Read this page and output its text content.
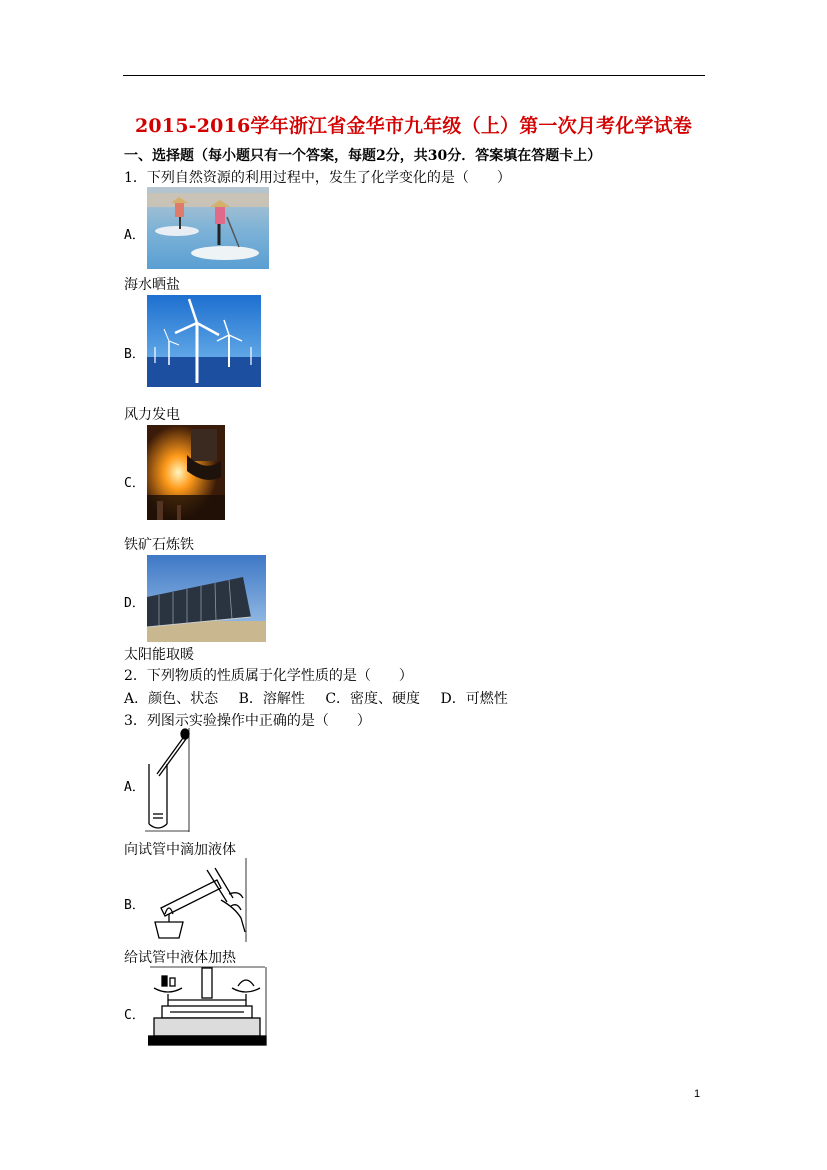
2015-2016学年浙江省金华市九年级（上）第一次月考化学试卷
一、选择题（每小题只有一个答案，每题2分，共30分．答案填在答题卡上）
1．下列自然资源的利用过程中，发生了化学变化的是（　　）
A．
海水晒盐
B．
风力发电
C．
铁矿石炼铁
D．
太阳能取暖
2．下列物质的性质属于化学性质的是（　　）
A．颜色、状态 B．溶解性 C．密度、硬度 D．可燃性
3．列图示实验操作中正确的是（　　）
A．
向试管中滴加液体
B．
给试管中液体加热
C．
1
